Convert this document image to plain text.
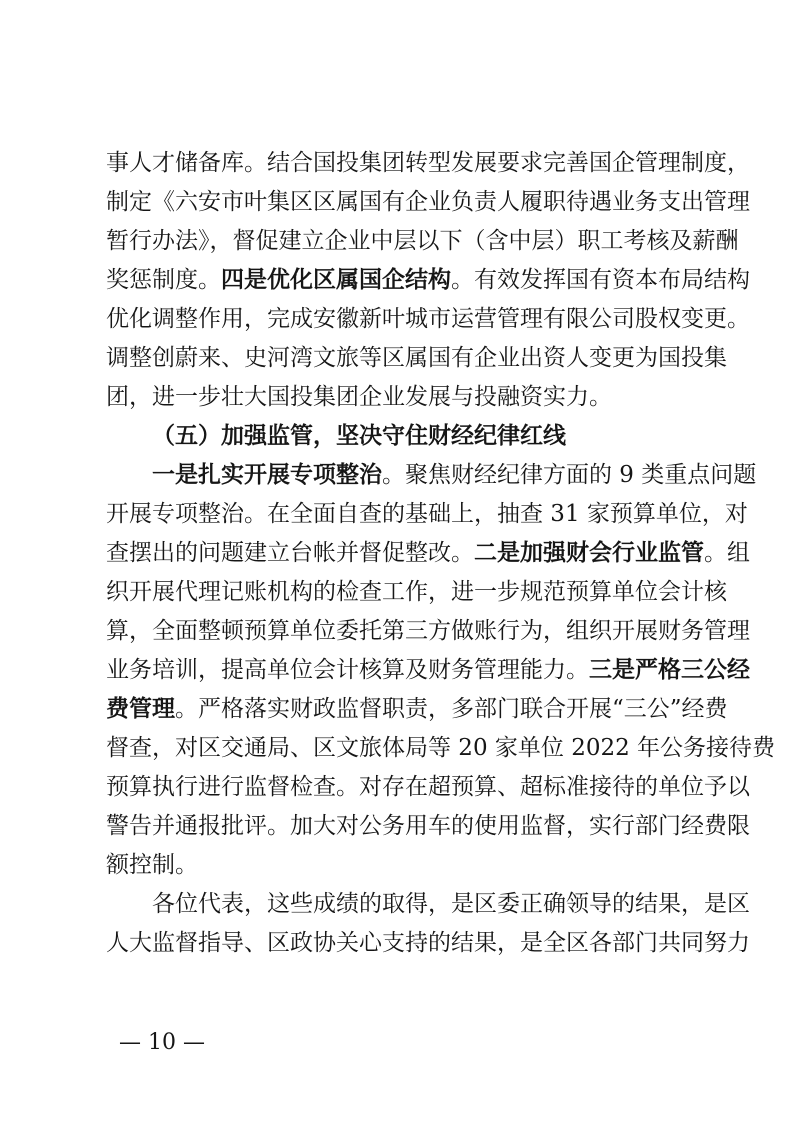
事人才储备库。结合国投集团转型发展要求完善国企管理制度，
制定《六安市叶集区区属国有企业负责人履职待遇业务支出管理
暂行办法》，督促建立企业中层以下（含中层）职工考核及薪酬
奖惩制度。四是优化区属国企结构。有效发挥国有资本布局结构
优化调整作用，完成安徽新叶城市运营管理有限公司股权变更。
调整创蔚来、史河湾文旅等区属国有企业出资人变更为国投集
团，进一步壮大国投集团企业发展与投融资实力。
（五）加强监管，坚决守住财经纪律红线
一是扎实开展专项整治。聚焦财经纪律方面的 9 类重点问题
开展专项整治。在全面自查的基础上，抽查 31 家预算单位，对
查摆出的问题建立台帐并督促整改。二是加强财会行业监管。组
织开展代理记账机构的检查工作，进一步规范预算单位会计核
算，全面整顿预算单位委托第三方做账行为，组织开展财务管理
业务培训，提高单位会计核算及财务管理能力。三是严格三公经
费管理。严格落实财政监督职责，多部门联合开展“三公”经费
督查，对区交通局、区文旅体局等 20 家单位 2022 年公务接待费
预算执行进行监督检查。对存在超预算、超标准接待的单位予以
警告并通报批评。加大对公务用车的使用监督，实行部门经费限
额控制。
各位代表，这些成绩的取得，是区委正确领导的结果，是区
人大监督指导、区政协关心支持的结果，是全区各部门共同努力
— 10 —
